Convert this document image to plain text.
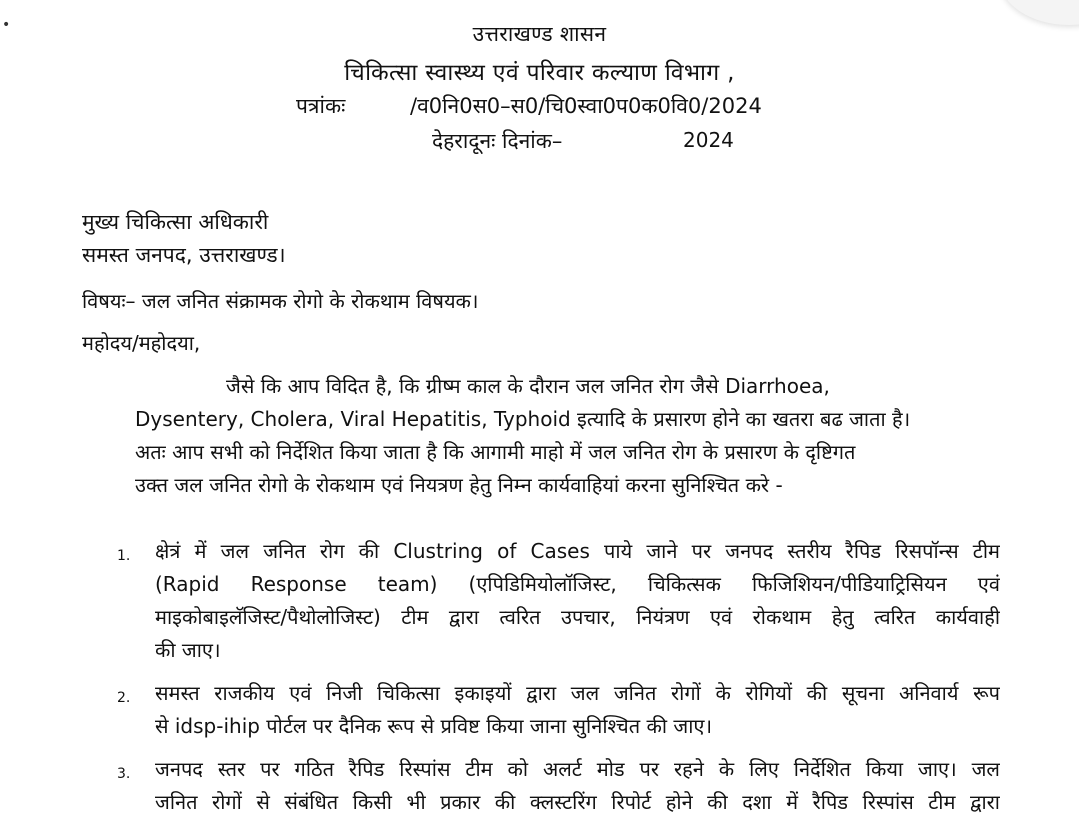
•	उत्तराखण्ड शासन
चिकित्सा स्वास्थ्य एवं परिवार कल्याण विभाग ,
पत्रांकः	/व0नि0स0–स0/चि0स्वा0प0क0वि0/2024
देहरादूनः दिनांक–	2024
मुख्य चिकित्सा अधिकारी
समस्त जनपद, उत्तराखण्ड।
विषयः– जल जनित संक्रामक रोगो के रोकथाम विषयक।
महोदय/महोदया,
जैसे कि आप विदित है, कि ग्रीष्म काल के दौरान जल जनित रोग जैसे Diarrhoea,
Dysentery, Cholera, Viral Hepatitis, Typhoid इत्यादि के प्रसारण होने का खतरा बढ जाता है।
अतः आप सभी को निर्देशित किया जाता है कि आगामी माहो में जल जनित रोग के प्रसारण के दृष्टिगत
उक्त जल जनित रोगो के रोकथाम एवं नियत्रण हेतु निम्न कार्यवाहियां करना सुनिश्चित करे -
1. क्षेत्रं में जल जनित रोग की Clustring of Cases पाये जाने पर जनपद स्तरीय रैपिड रिसपॉन्स टीम
(Rapid Response team) (एपिडिमियोलॉजिस्ट, चिकित्सक फिजिशियन/पीडियाट्रिसियन एवं
माइकोबाइलॅजिस्ट/पैथोलोजिस्ट) टीम द्वारा त्वरित उपचार, नियंत्रण एवं रोकथाम हेतु त्वरित कार्यवाही
की जाए।
2. समस्त राजकीय एवं निजी चिकित्सा इकाइयों द्वारा जल जनित रोगों के रोगियों की सूचना अनिवार्य रूप
से idsp-ihip पोर्टल पर दैनिक रूप से प्रविष्ट किया जाना सुनिश्चित की जाए।
3. जनपद स्तर पर गठित रैपिड रिस्पांस टीम को अलर्ट मोड पर रहने के लिए निर्देशित किया जाए। जल
जनित रोगों से संबंधित किसी भी प्रकार की क्लस्टरिंग रिपोर्ट होने की दशा में रैपिड रिस्पांस टीम द्वारा
